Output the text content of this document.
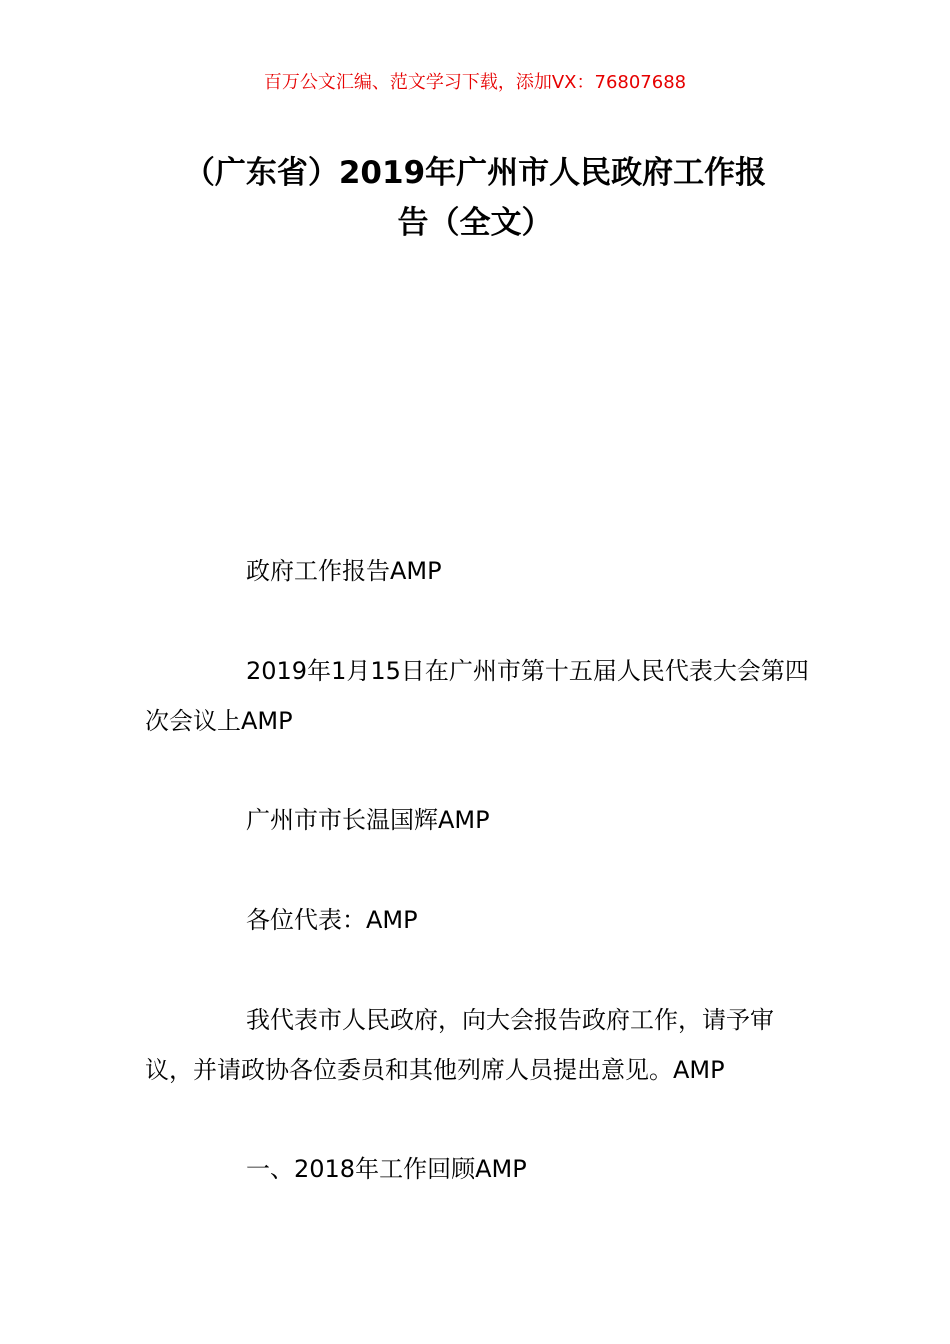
百万公文汇编、范文学习下载，添加VX：76807688
（广东省）2019年广州市人民政府工作报
告（全文）

政府工作报告AMP

2019年1月15日在广州市第十五届人民代表大会第四次会议上AMP

广州市市长温国辉AMP

各位代表：AMP

我代表市人民政府，向大会报告政府工作，请予审议，并请政协各位委员和其他列席人员提出意见。AMP

一、2018年工作回顾AMP
